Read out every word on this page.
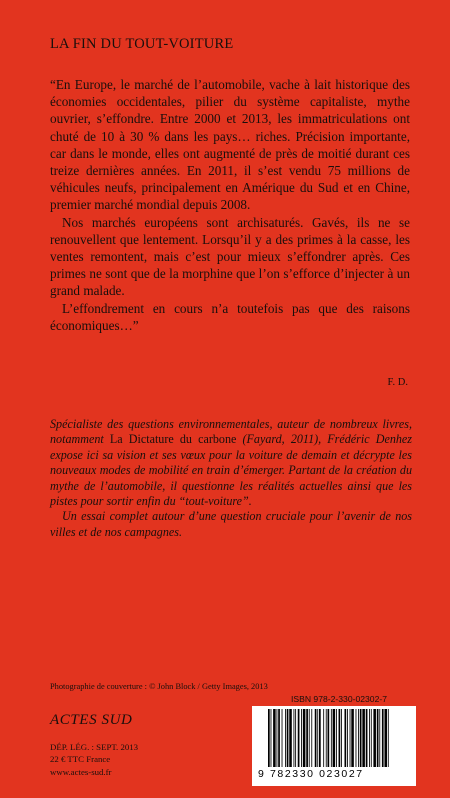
LA FIN DU TOUT-VOITURE

“En Europe, le marché de l’automobile, vache à lait historique des économies occidentales, pilier du système capitaliste, mythe ouvrier, s’effondre. Entre 2000 et 2013, les immatriculations ont chuté de 10 à 30 % dans les pays… riches. Précision importante, car dans le monde, elles ont augmenté de près de moitié durant ces treize dernières années. En 2011, il s’est vendu 75 millions de véhicules neufs, principalement en Amérique du Sud et en Chine, premier marché mondial depuis 2008.

Nos marchés européens sont archisaturés. Gavés, ils ne se renouvellent que lentement. Lorsqu’il y a des primes à la casse, les ventes remontent, mais c’est pour mieux s’effondrer après. Ces primes ne sont que de la morphine que l’on s’efforce d’injecter à un grand malade.

L’effondrement en cours n’a toutefois pas que des raisons économiques…”

F. D.

Spécialiste des questions environnementales, auteur de nombreux livres, notamment La Dictature du carbone (Fayard, 2011), Frédéric Denhez expose ici sa vision et ses vœux pour la voiture de demain et décrypte les nouveaux modes de mobilité en train d’émerger. Partant de la création du mythe de l’automobile, il questionne les réalités actuelles ainsi que les pistes pour sortir enfin du “tout-voiture”.

Un essai complet autour d’une question cruciale pour l’avenir de nos villes et de nos campagnes.

Photographie de couverture : © John Block / Getty Images, 2013
ACTES SUD
DÉP. LÉG. : SEPT. 2013
22 € TTC France
www.actes-sud.fr
ISBN 978-2-330-02302-7
9 782330 023027
